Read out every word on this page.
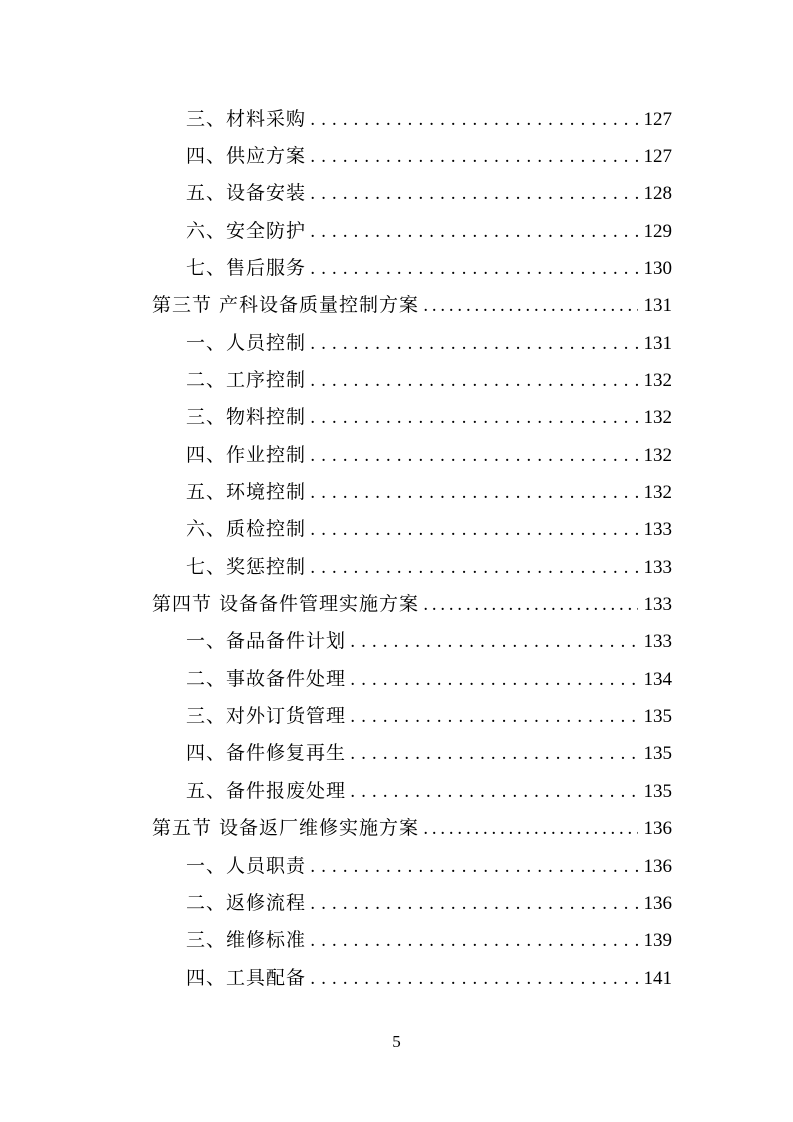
三、材料采购 . . .	127
四、供应方案 . . .	127
五、设备安装 . . .	128
六、安全防护 . . .	129
七、售后服务 . . .	130
第三节 产科设备质量控制方案 .....	131
一、人员控制 . . .	131
二、工序控制 . . .	132
三、物料控制 . . .	132
四、作业控制 . . .	132
五、环境控制 . . .	132
六、质检控制 . . .	133
七、奖惩控制 . . .	133
第四节 设备备件管理实施方案 .....	133
一、备品备件计划 . . .	133
二、事故备件处理 . . .	134
三、对外订货管理 . . .	135
四、备件修复再生 . . .	135
五、备件报废处理 . . .	135
第五节 设备返厂维修实施方案 .....	136
一、人员职责 . . .	136
二、返修流程 . . .	136
三、维修标准 . . .	139
四、工具配备 . . .	141
5
